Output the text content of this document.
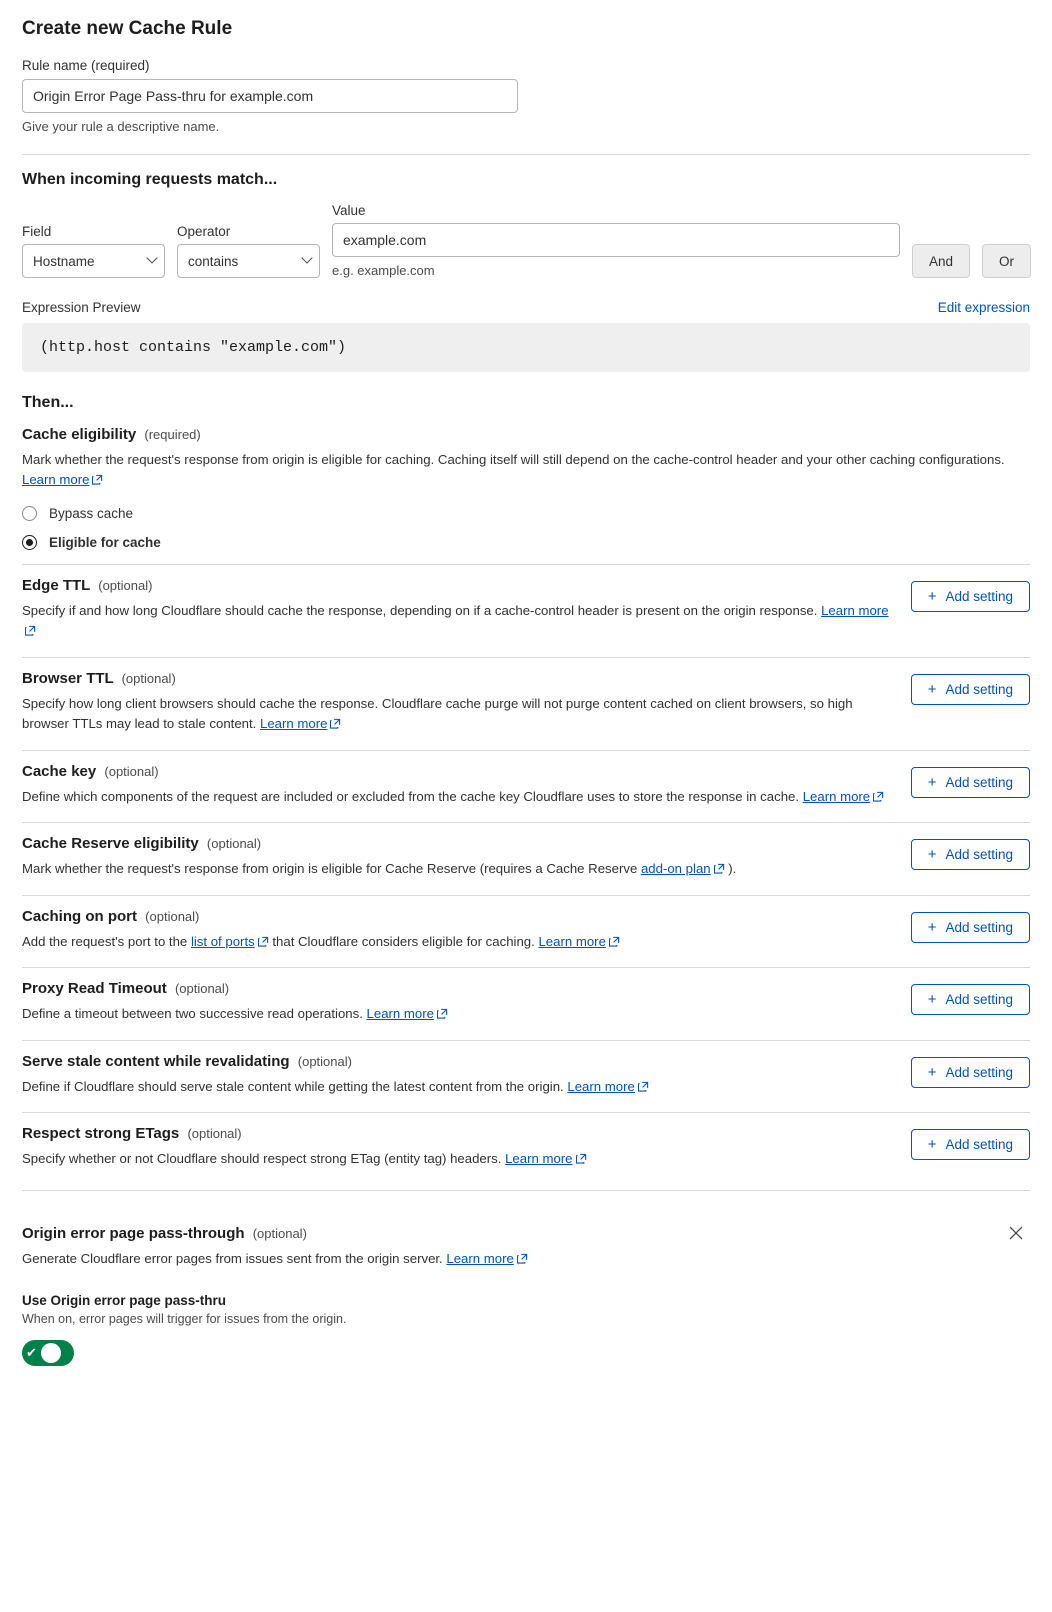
Create new Cache Rule
Rule name (required)
Origin Error Page Pass-thru for example.com
Give your rule a descriptive name.
When incoming requests match...
Field
Hostname	Operator
contains
Value
example.com
e.g. example.com
And	Or
Expression Preview	Edit expression
(http.host contains "example.com")
Then...
Cache eligibility (required)
Mark whether the request's response from origin is eligible for caching. Caching itself will still depend on the cache-control header and your other caching configurations. Learn more
Bypass cache
Eligible for cache
Edge TTL (optional)
Specify if and how long Cloudflare should cache the response, depending on if a cache-control header is present on the origin response. Learn more
+ Add setting
Browser TTL (optional)
Specify how long client browsers should cache the response. Cloudflare cache purge will not purge content cached on client browsers, so high browser TTLs may lead to stale content. Learn more
+ Add setting
Cache key (optional)
Define which components of the request are included or excluded from the cache key Cloudflare uses to store the response in cache. Learn more
+ Add setting
Cache Reserve eligibility (optional)
Mark whether the request's response from origin is eligible for Cache Reserve (requires a Cache Reserve add-on plan ).
+ Add setting
Caching on port (optional)
Add the request's port to the list of ports that Cloudflare considers eligible for caching. Learn more
+ Add setting
Proxy Read Timeout (optional)
Define a timeout between two successive read operations. Learn more
+ Add setting
Serve stale content while revalidating (optional)
Define if Cloudflare should serve stale content while getting the latest content from the origin. Learn more
+ Add setting
Respect strong ETags (optional)
Specify whether or not Cloudflare should respect strong ETag (entity tag) headers. Learn more
+ Add setting
Origin error page pass-through (optional)
Generate Cloudflare error pages from issues sent from the origin server. Learn more
Use Origin error page pass-thru
When on, error pages will trigger for issues from the origin.
✔
